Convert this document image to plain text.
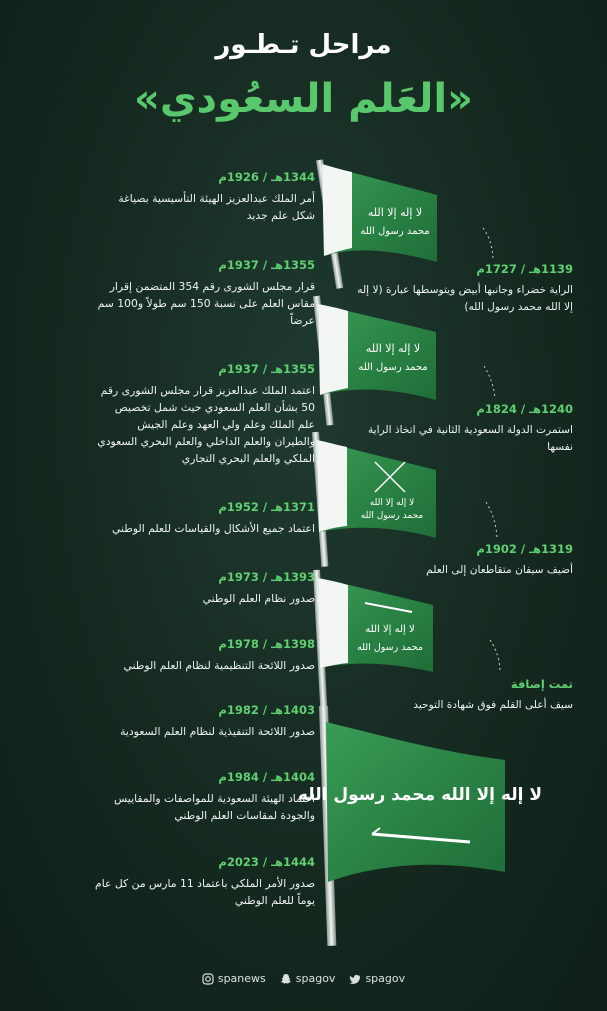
مراحل تـطـور
«العَلم السعُودي»
لا إله إلا الله
محمد رسول الله
لا إله إلا الله
محمد رسول الله
لا إله إلا الله
محمد رسول الله
لا إله إلا الله
محمد رسول الله
لا إله إلا الله محمد رسول الله
1344هـ / 1926م
أمر الملك عبدالعزيز الهيئة التأسيسية بصياغة شكل علم جديد
1355هـ / 1937م
قرار مجلس الشورى رقم 354 المتضمن إقرار مقاس العلم على نسبة 150 سم طولاً و100 سم عرضاً
1355هـ / 1937م
اعتمد الملك عبدالعزيز قرار مجلس الشورى رقم 50 بشأن العلم السعودي حيث شمل تخصيص علم الملك وعلم ولي العهد وعلم الجيش والطيران والعلم الداخلي والعلم البحري السعودي الملكي والعلم البحري التجاري
1371هـ / 1952م
اعتماد جميع الأشكال والقياسات للعلم الوطني
1393هـ / 1973م
صدور نظام العلم الوطني
1398هـ / 1978م
صدور اللائحة التنظيمية لنظام العلم الوطني
1403هـ / 1982م
صدور اللائحة التنفيذية لنظام العلم السعودية
1404هـ / 1984م
اعتماد الهيئة السعودية للمواصفات والمقاييس والجودة لمقاسات العلم الوطني
1444هـ / 2023م
صدور الأمر الملكي باعتماد 11 مارس من كل عام يوماً للعلم الوطني
1139هـ / 1727م
الراية خضراء وجانبها أبيض ويتوسطها عبارة (لا إله إلا الله محمد رسول الله)
1240هـ / 1824م
استمرت الدولة السعودية الثانية في اتخاذ الراية نفسها
1319هـ / 1902م
أضيف سيفان متقاطعان إلى العلم
تمت إضافة
سيف أعلى القلم فوق شهادة التوحيد
spanews	spagov	spagov
